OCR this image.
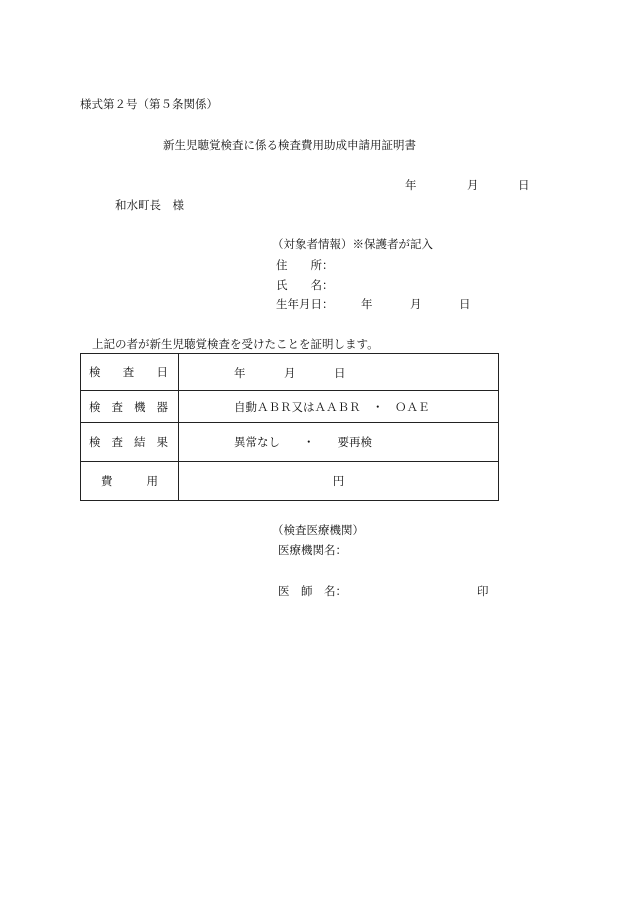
様式第２号（第５条関係）
新生児聴覚検査に係る検査費用助成申請用証明書
年	月	日
和水町長　様
（対象者情報）※保護者が記入
住　　所：
氏　　名：
生年月日： 年	月	日
上記の者が新生児聴覚検査を受けたことを証明します。
検 査 日	年 月 日

検 査 機 器	自動ＡＢＲ又はＡＡＢＲ　・　ＯＡＥ

検 査 結 果	異常なし　　・　　要再検

費 用	円
（検査医療機関）
医療機関名：
医　師　名：	印
